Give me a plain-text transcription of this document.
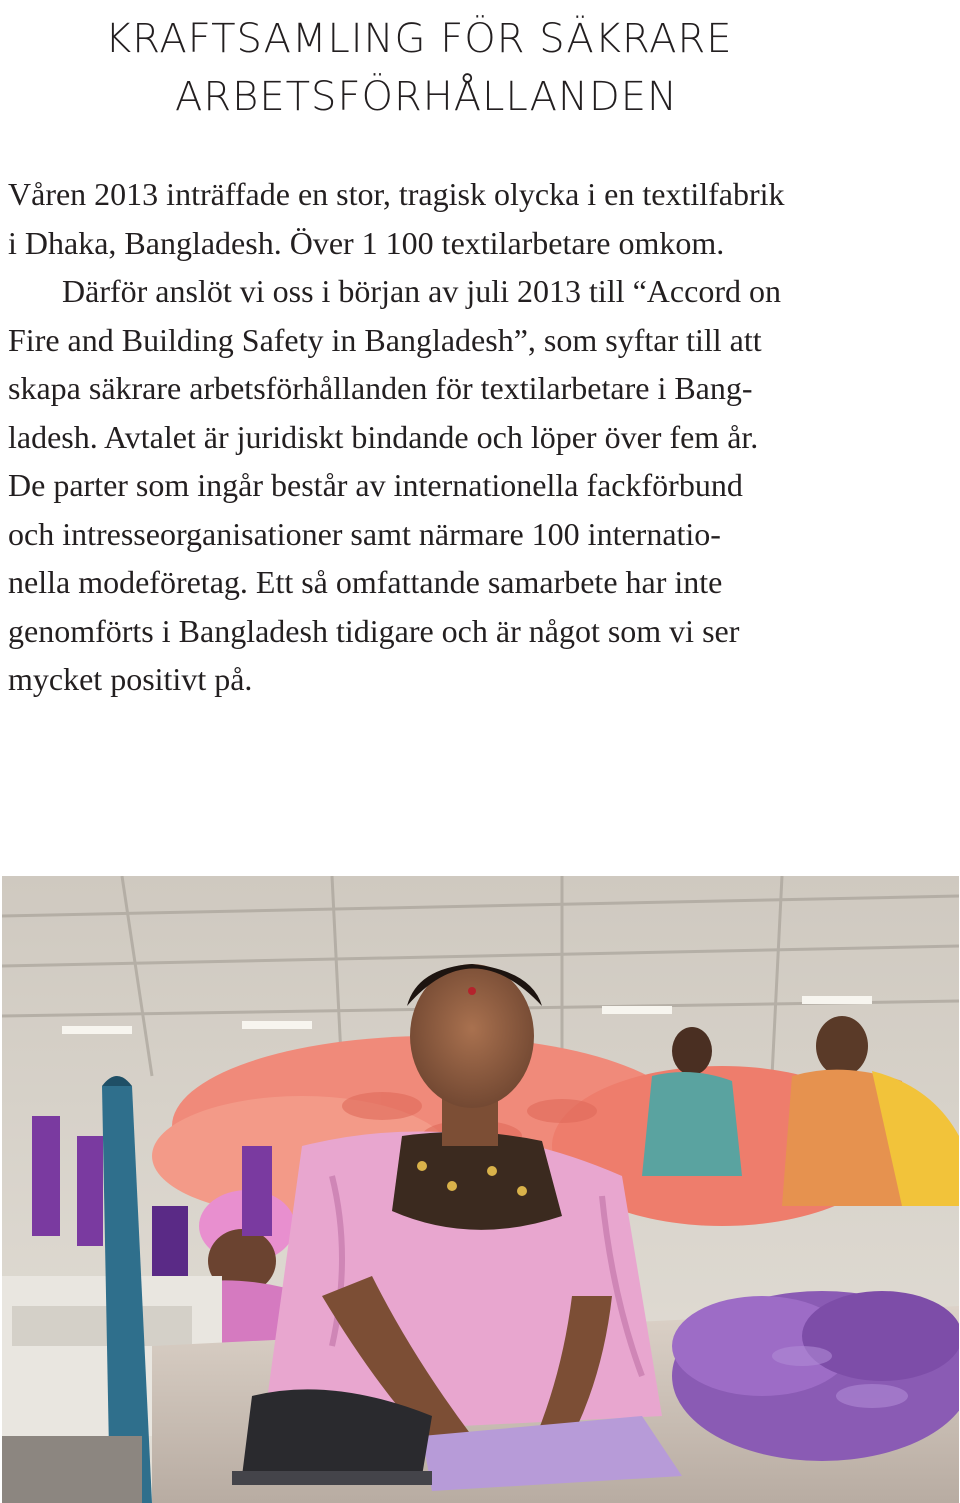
KRAFTSAMLING FÖR SÄKRARE
ARBETSFÖRHÅLLANDEN

Våren 2013 inträffade en stor, tragisk olycka i en textilfabrik
i Dhaka, Bangladesh. Över 1 100 textilarbetare omkom.
Därför anslöt vi oss i början av juli 2013 till “Accord on
Fire and Building Safety in Bangladesh”, som syftar till att
skapa säkrare arbetsförhållanden för textilarbetare i Bang-
ladesh. Avtalet är juridiskt bindande och löper över fem år.
De parter som ingår består av internationella fackförbund
och intresseorganisationer samt närmare 100 internatio-
nella modeföretag. Ett så omfattande samarbete har inte
genomförts i Bangladesh tidigare och är något som vi ser
mycket positivt på.
